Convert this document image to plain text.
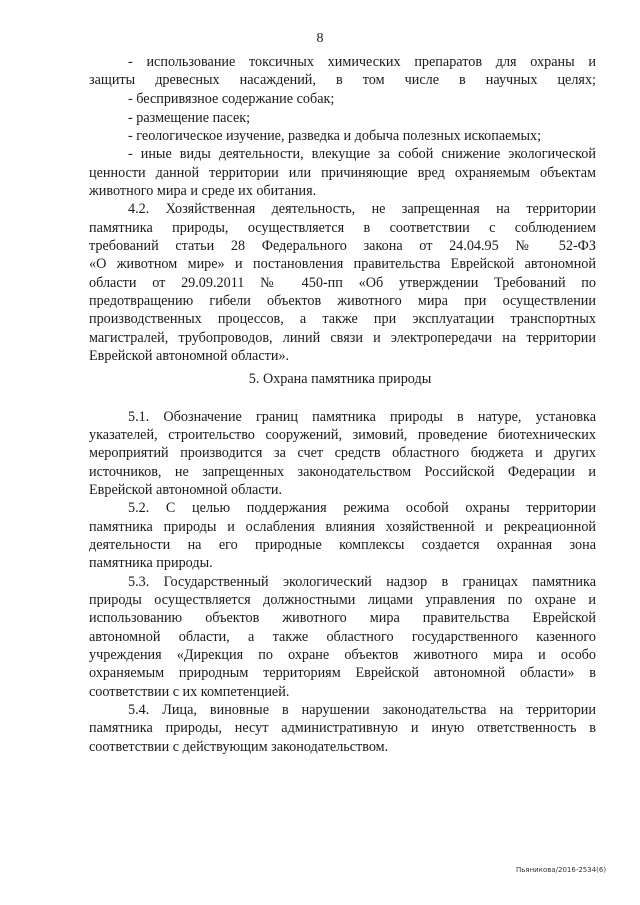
8
- использование токсичных химических препаратов для охраны и
защиты древесных насаждений, в том числе в научных целях;
- беспривязное содержание собак;
- размещение пасек;
- геологическое изучение, разведка и добыча полезных ископаемых;
- иные виды деятельности, влекущие за собой снижение экологической
ценности данной территории или причиняющие вред охраняемым объектам
животного мира и среде их обитания.
4.2. Хозяйственная деятельность, не запрещенная на территории
памятника природы, осуществляется в соответствии с соблюдением
требований статьи 28 Федерального закона от 24.04.95 № 52-ФЗ
«О животном мире» и постановления правительства Еврейской автономной
области от 29.09.2011 № 450-пп «Об утверждении Требований по
предотвращению гибели объектов животного мира при осуществлении
производственных процессов, а также при эксплуатации транспортных
магистралей, трубопроводов, линий связи и электропередачи на территории
Еврейской автономной области».
5. Охрана памятника природы
5.1. Обозначение границ памятника природы в натуре, установка
указателей, строительство сооружений, зимовий, проведение биотехнических
мероприятий производится за счет средств областного бюджета и других
источников, не запрещенных законодательством Российской Федерации и
Еврейской автономной области.
5.2. С целью поддержания режима особой охраны территории
памятника природы и ослабления влияния хозяйственной и рекреационной
деятельности на его природные комплексы создается охранная зона
памятника природы.
5.3. Государственный экологический надзор в границах памятника
природы осуществляется должностными лицами управления по охране и
использованию объектов животного мира правительства Еврейской
автономной области, а также областного государственного казенного
учреждения «Дирекция по охране объектов животного мира и особо
охраняемым природным территориям Еврейской автономной области» в
соответствии с их компетенцией.
5.4. Лица, виновные в нарушении законодательства на территории
памятника природы, несут административную и иную ответственность в
соответствии с действующим законодательством.
Пьяникова/2016-2534(6)
